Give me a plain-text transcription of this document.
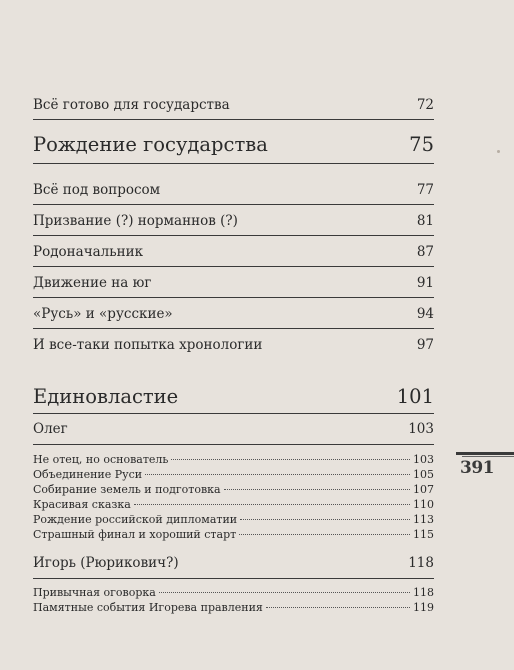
Всё готово для государства	72
Рождение государства	75
Всё под вопросом	77
Призвание (?) норманнов (?)	81
Родоначальник	87
Движение на юг	91
«Русь» и «русские»	94
И все-таки попытка хронологии	97
Единовластие	101
Олег	103
Не отец, но основатель	103
Объединение Руси	105
Собирание земель и подготовка	107
Красивая сказка	110
Рождение российской дипломатии	113
Страшный финал и хороший старт	115
Игорь (Рюрикович?)	118
Привычная оговорка	118
Памятные события Игорева правления	119
391
